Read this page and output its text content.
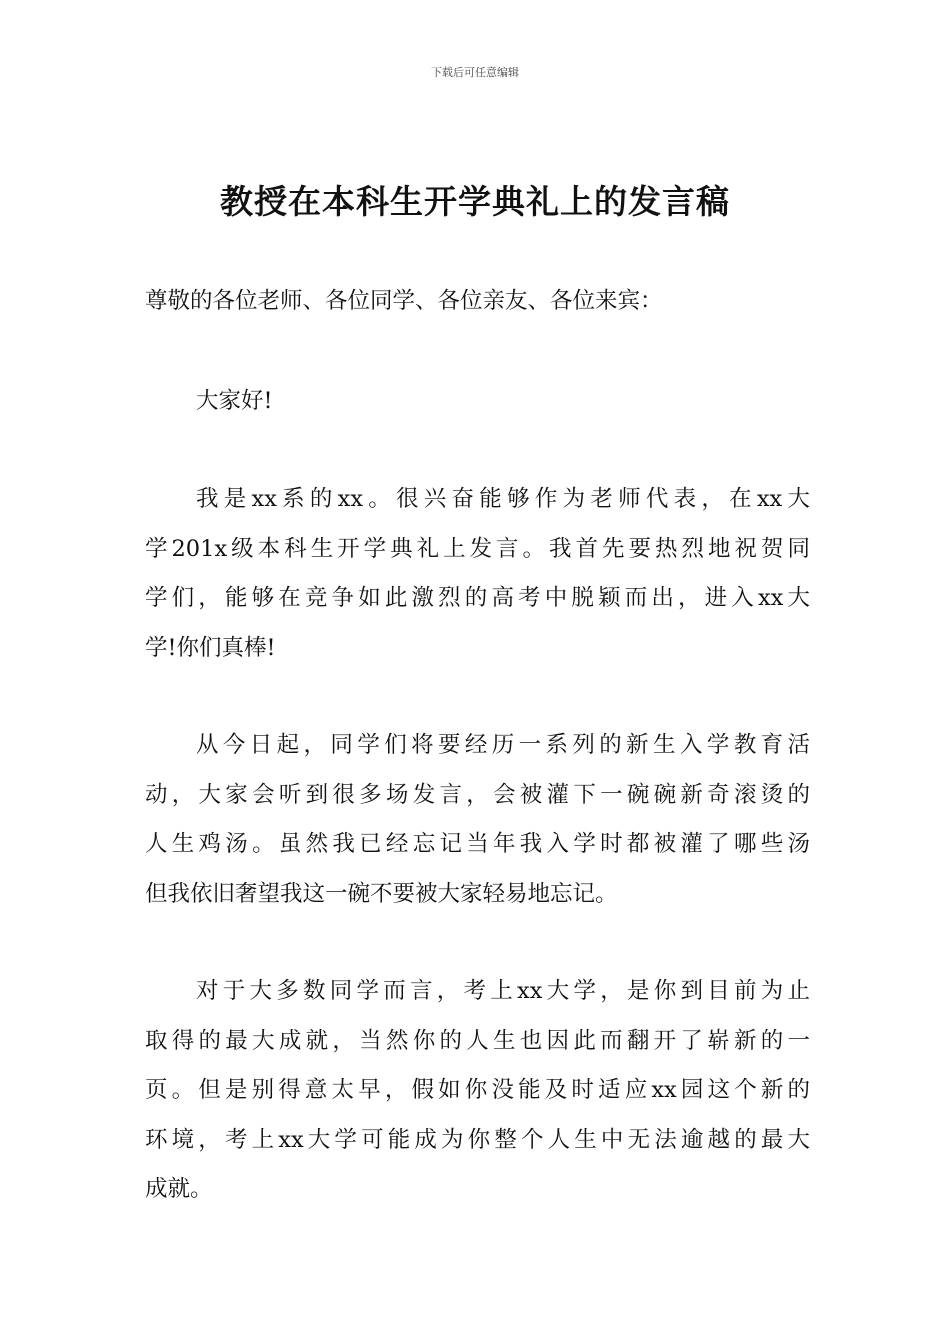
下载后可任意编辑
教授在本科生开学典礼上的发言稿
尊敬的各位老师、各位同学、各位亲友、各位来宾：
大家好!
我是xx系的xx。很兴奋能够作为老师代表，在xx大
学201x级本科生开学典礼上发言。我首先要热烈地祝贺同
学们，能够在竞争如此激烈的高考中脱颖而出，进入xx大
学!你们真棒!
从今日起，同学们将要经历一系列的新生入学教育活
动，大家会听到很多场发言，会被灌下一碗碗新奇滚烫的
人生鸡汤。虽然我已经忘记当年我入学时都被灌了哪些汤
但我依旧奢望我这一碗不要被大家轻易地忘记。
对于大多数同学而言，考上xx大学，是你到目前为止
取得的最大成就，当然你的人生也因此而翻开了崭新的一
页。但是别得意太早，假如你没能及时适应xx园这个新的
环境，考上xx大学可能成为你整个人生中无法逾越的最大
成就。
